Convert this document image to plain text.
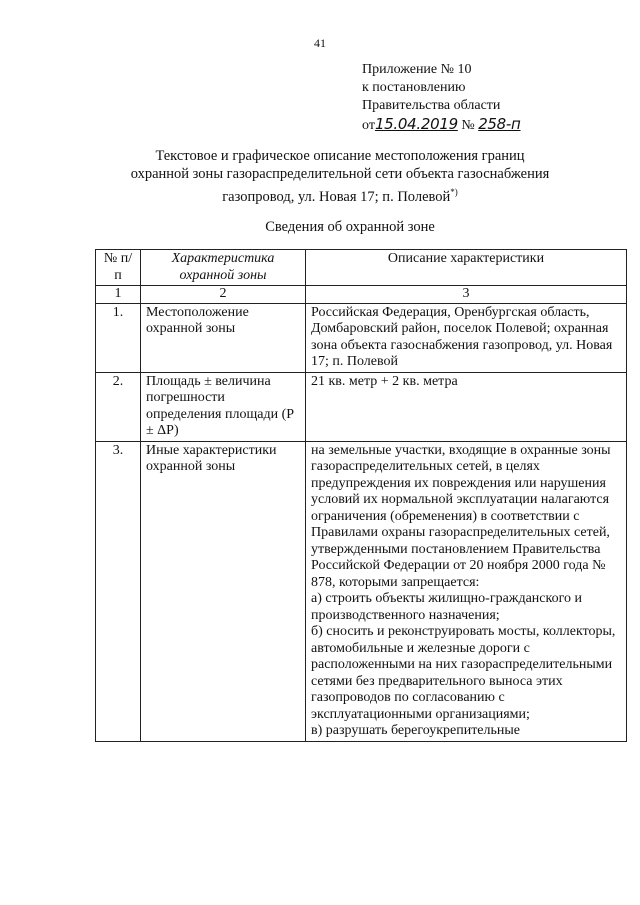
41
Приложение № 10
к постановлению
Правительства области
от15.04.2019 № 258-п
Текстовое и графическое описание местоположения границ
охранной зоны газораспределительной сети объекта газоснабжения
газопровод, ул. Новая 17; п. Полевой*)
Сведения об охранной зоне
№ п/п	Характеристика охранной зоны	Описание характеристики
1	2	3
1.	Местоположение охранной зоны	Российская Федерация, Оренбургская область, Домбаровский район, поселок Полевой; охранная зона объекта газоснабжения газопровод, ул. Новая 17; п. Полевой
2.	Площадь ± величина погрешности определения площади (Р ± ΔР)	21 кв. метр + 2 кв. метра
3.	Иные характеристики охранной зоны	на земельные участки, входящие в охранные зоны газораспределительных сетей, в целях предупреждения их повреждения или нарушения условий их нормальной эксплуатации налагаются ограничения (обременения) в соответствии с Правилами охраны газораспределительных сетей, утвержденными постановлением Правительства Российской Федерации от 20 ноября 2000 года № 878, которыми запрещается:
а) строить объекты жилищно-гражданского и производственного назначения;
б) сносить и реконструировать мосты, коллекторы, автомобильные и железные дороги с расположенными на них газораспределительными сетями без предварительного выноса этих газопроводов по согласованию с эксплуатационными организациями;
в) разрушать берегоукрепительные
